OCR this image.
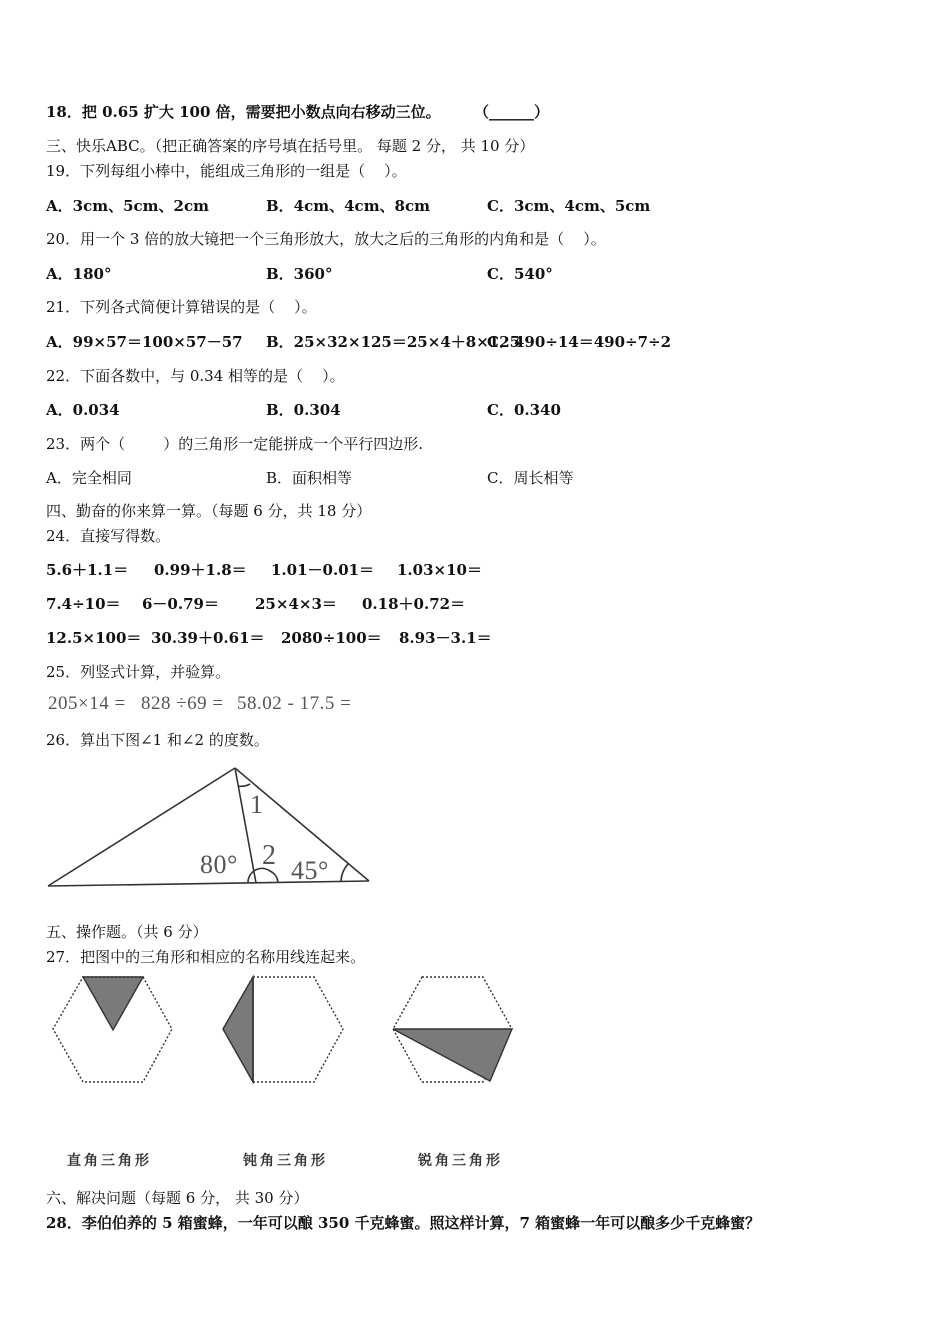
18．把 0.65 扩大 100 倍，需要把小数点向右移动三位。 （______）
三、快乐ABC。（把正确答案的序号填在括号里。 每题 2 分， 共 10 分）
19．下列每组小棒中，能组成三角形的一组是（    ）。
A．3cm、5cm、2cm	B．4cm、4cm、8cm	C．3cm、4cm、5cm
20．用一个 3 倍的放大镜把一个三角形放大，放大之后的三角形的内角和是（    ）。
A．180°	B．360°	C．540°
21．下列各式简便计算错误的是（    ）。
A．99×57＝100×57－57 B．25×32×125＝25×4＋8×125
C．490÷14＝490÷7÷2
22．下面各数中，与 0.34 相等的是（    ）。
A．0.034	B．0.304	C．0.340
23．两个（        ）的三角形一定能拼成一个平行四边形.
A．完全相同	B．面积相等	C．周长相等
四、勤奋的你来算一算。（每题 6 分，共 18 分）
24．直接写得数。
5.6＋1.1＝ 0.99＋1.8＝ 1.01－0.01＝ 1.03×10＝
7.4÷10＝ 6－0.79＝ 25×4×3＝ 0.18＋0.72＝
12.5×100＝ 30.39＋0.61＝ 2080÷100＝ 8.93－3.1＝
25．列竖式计算，并验算。
205×14 = 828 ÷69 = 58.02 - 17.5 =
26．算出下图∠1 和∠2 的度数。
1
2
80° 45°
五、操作题。（共 6 分）
27．把图中的三角形和相应的名称用线连起来。
直角三角形	钝角三角形	锐角三角形
六、解决问题（每题 6 分， 共 30 分）
28．李伯伯养的 5 箱蜜蜂，一年可以酿 350 千克蜂蜜。照这样计算，7 箱蜜蜂一年可以酿多少千克蜂蜜？
